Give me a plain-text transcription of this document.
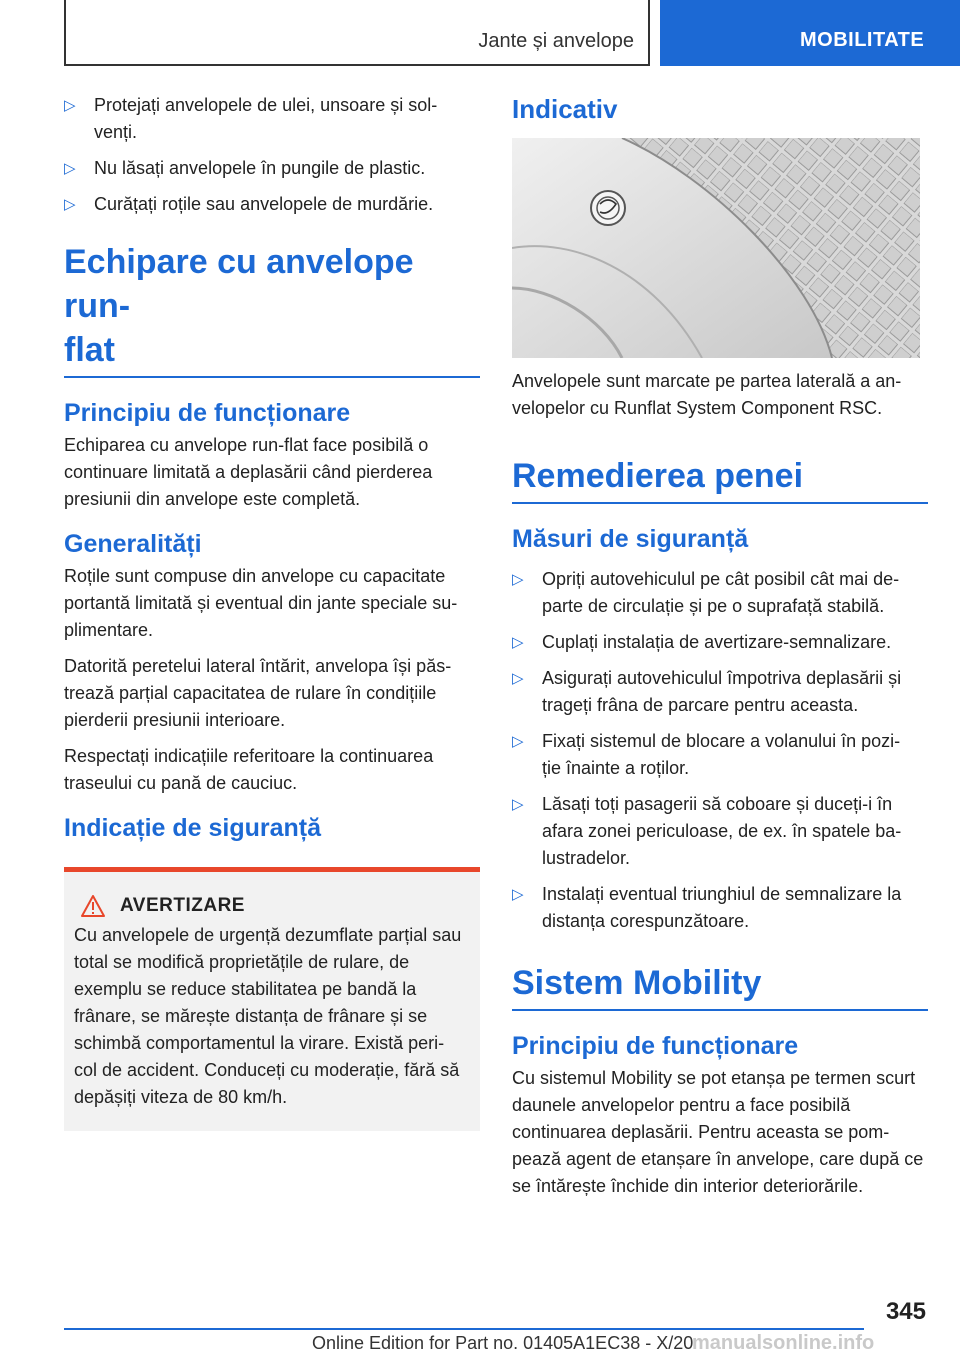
Jante și anvelope	MOBILITATE
▷ Protejați anvelopele de ulei, unsoare și sol-
venți.
▷ Nu lăsați anvelopele în pungile de plastic.
▷ Curățați roțile sau anvelopele de murdărie.
Echipare cu anvelope run-
flat
Principiu de funcționare

Echiparea cu anvelope run-flat face posibilă o continuare limitată a deplasării când pierderea presiunii din anvelope este completă.

Generalități

Roțile sunt compuse din anvelope cu capacitate portantă limitată și eventual din jante speciale su-
plimentare.

Datorită peretelui lateral întărit, anvelopa își păs-
trează parțial capacitatea de rulare în condițiile pierderii presiunii interioare.

Respectați indicațiile referitoare la continuarea traseului cu pană de cauciuc.

Indicație de siguranță
AVERTIZARE

Cu anvelopele de urgență dezumflate parțial sau total se modifică proprietățile de rulare, de exemplu se reduce stabilitatea pe bandă la frânare, se mărește distanța de frânare și se schimbă comportamentul la virare. Există peri-
col de accident. Conduceți cu moderație, fără să depășiți viteza de 80 km/h.

Indicativ

Anvelopele sunt marcate pe partea laterală a an-
velopelor cu Runflat System Component RSC.

Remedierea penei
Măsuri de siguranță
▷ Opriți autovehiculul pe cât posibil cât mai de-
parte de circulație și pe o suprafață stabilă.
▷ Cuplați instalația de avertizare-semnalizare.
▷ Asigurați autovehiculul împotriva deplasării și trageți frâna de parcare pentru aceasta.
▷ Fixați sistemul de blocare a volanului în pozi-
ție înainte a roților.
▷ Lăsați toți pasagerii să coboare și duceți-i în afara zonei periculoase, de ex. în spatele ba-
lustradelor.
▷ Instalați eventual triunghiul de semnalizare la distanța corespunzătoare.
Sistem Mobility
Principiu de funcționare

Cu sistemul Mobility se pot etanșa pe termen scurt daunele anvelopelor pentru a face posibilă continuarea deplasării. Pentru aceasta se pom-
pează agent de etanșare în anvelope, care după ce se întărește închide din interior deteriorările.

345
Online Edition for Part no. 01405A1EC38 - X/20
manualsonline.info
